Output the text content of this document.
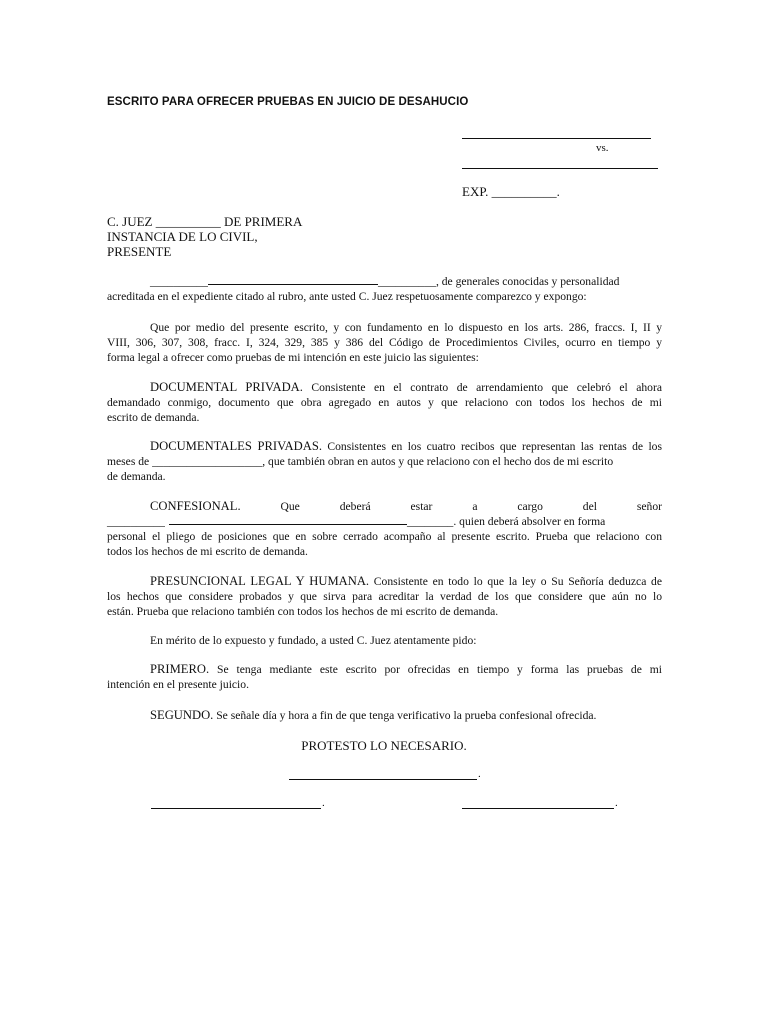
ESCRITO PARA OFRECER PRUEBAS EN JUICIO DE DESAHUCIO
vs.
EXP. __________.
C. JUEZ __________ DE PRIMERA
INSTANCIA DE LO CIVIL,
PRESENTE
__________	__________, de generales conocidas y personalidad
acreditada en el expediente citado al rubro, ante usted C. Juez respetuosamente comparezco y expongo:
Que por medio del presente escrito, y con fundamento en lo dispuesto en los arts. 286, fraccs. I, II y
VIII, 306, 307, 308, fracc. I, 324, 329, 385 y 386 del Código de Procedimientos Civiles, ocurro en tiempo y
forma legal a ofrecer como pruebas de mi intención en este juicio las siguientes:
DOCUMENTAL PRIVADA. Consistente en el contrato de arrendamiento que celebró el ahora
demandado conmigo, documento que obra agregado en autos y que relaciono con todos los hechos de mi
escrito de demanda.
DOCUMENTALES PRIVADAS. Consistentes en los cuatro recibos que representan las rentas de los
meses de ___________________, que también obran en autos y que relaciono con el hecho dos de mi escrito
de demanda.
CONFESIONAL.	Que	deberá	estar	a	cargo	del	señor
__________	________. quien deberá absolver en forma
personal el pliego de posiciones que en sobre cerrado acompaño al presente escrito. Prueba que relaciono con
todos los hechos de mi escrito de demanda.
PRESUNCIONAL LEGAL Y HUMANA. Consistente en todo lo que la ley o Su Señoría deduzca de
los hechos que considere probados y que sirva para acreditar la verdad de los que considere que aún no lo
están. Prueba que relaciono también con todos los hechos de mi escrito de demanda.
En mérito de lo expuesto y fundado, a usted C. Juez atentamente pido:
PRIMERO. Se tenga mediante este escrito por ofrecidas en tiempo y forma las pruebas de mi
intención en el presente juicio.
SEGUNDO. Se señale día y hora a fin de que tenga verificativo la prueba confesional ofrecida.
PROTESTO LO NECESARIO.
.
.	.
